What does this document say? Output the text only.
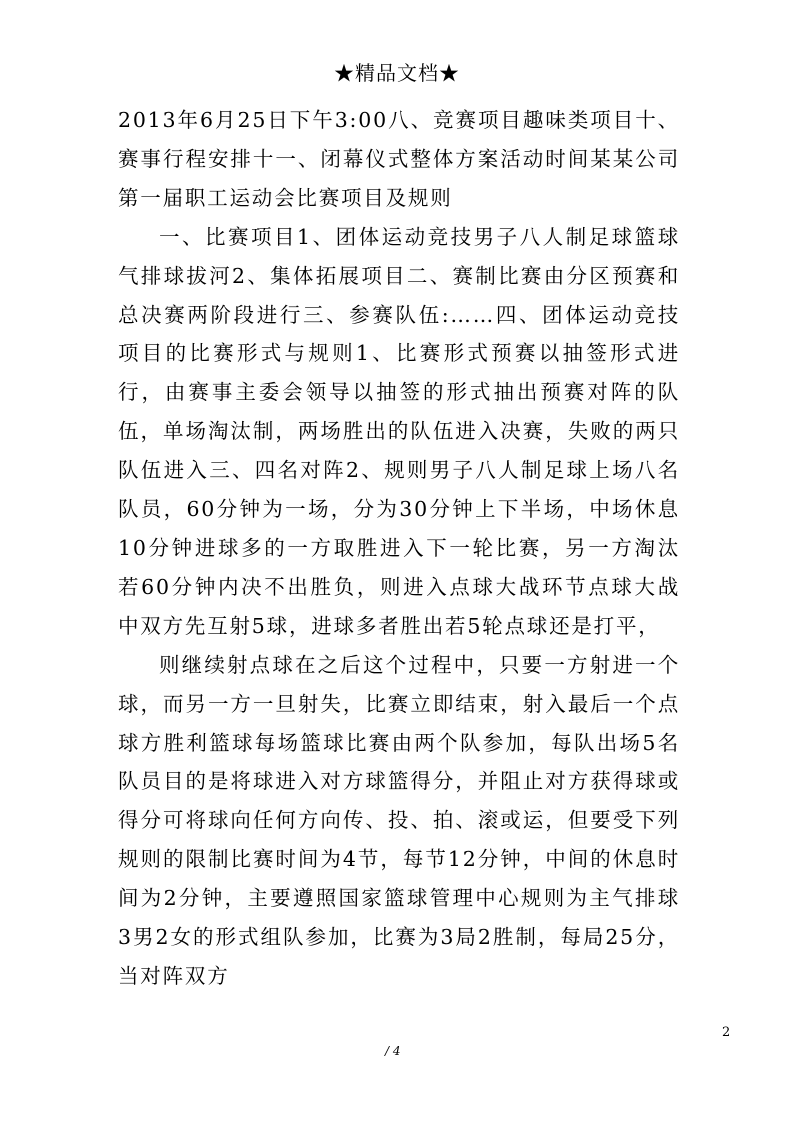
★精品文档★

2013年6月25日下午3:00八、竞赛项目趣味类项目十、赛事行程安排十一、闭幕仪式整体方案活动时间某某公司第一届职工运动会比赛项目及规则

一、比赛项目1、团体运动竞技男子八人制足球篮球气排球拔河2、集体拓展项目二、赛制比赛由分区预赛和总决赛两阶段进行三、参赛队伍:……四、团体运动竞技项目的比赛形式与规则1、比赛形式预赛以抽签形式进行，由赛事主委会领导以抽签的形式抽出预赛对阵的队伍，单场淘汰制，两场胜出的队伍进入决赛，失败的两只队伍进入三、四名对阵2、规则男子八人制足球上场八名队员，60分钟为一场，分为30分钟上下半场，中场休息10分钟进球多的一方取胜进入下一轮比赛，另一方淘汰若60分钟内决不出胜负，则进入点球大战环节点球大战中双方先互射5球，进球多者胜出若5轮点球还是打平，

则继续射点球在之后这个过程中，只要一方射进一个球，而另一方一旦射失，比赛立即结束，射入最后一个点球方胜利篮球每场篮球比赛由两个队参加，每队出场5名队员目的是将球进入对方球篮得分，并阻止对方获得球或得分可将球向任何方向传、投、拍、滚或运，但要受下列规则的限制比赛时间为4节，每节12分钟，中间的休息时间为2分钟，主要遵照国家篮球管理中心规则为主气排球3男2女的形式组队参加，比赛为3局2胜制，每局25分，当对阵双方

2
/ 4
